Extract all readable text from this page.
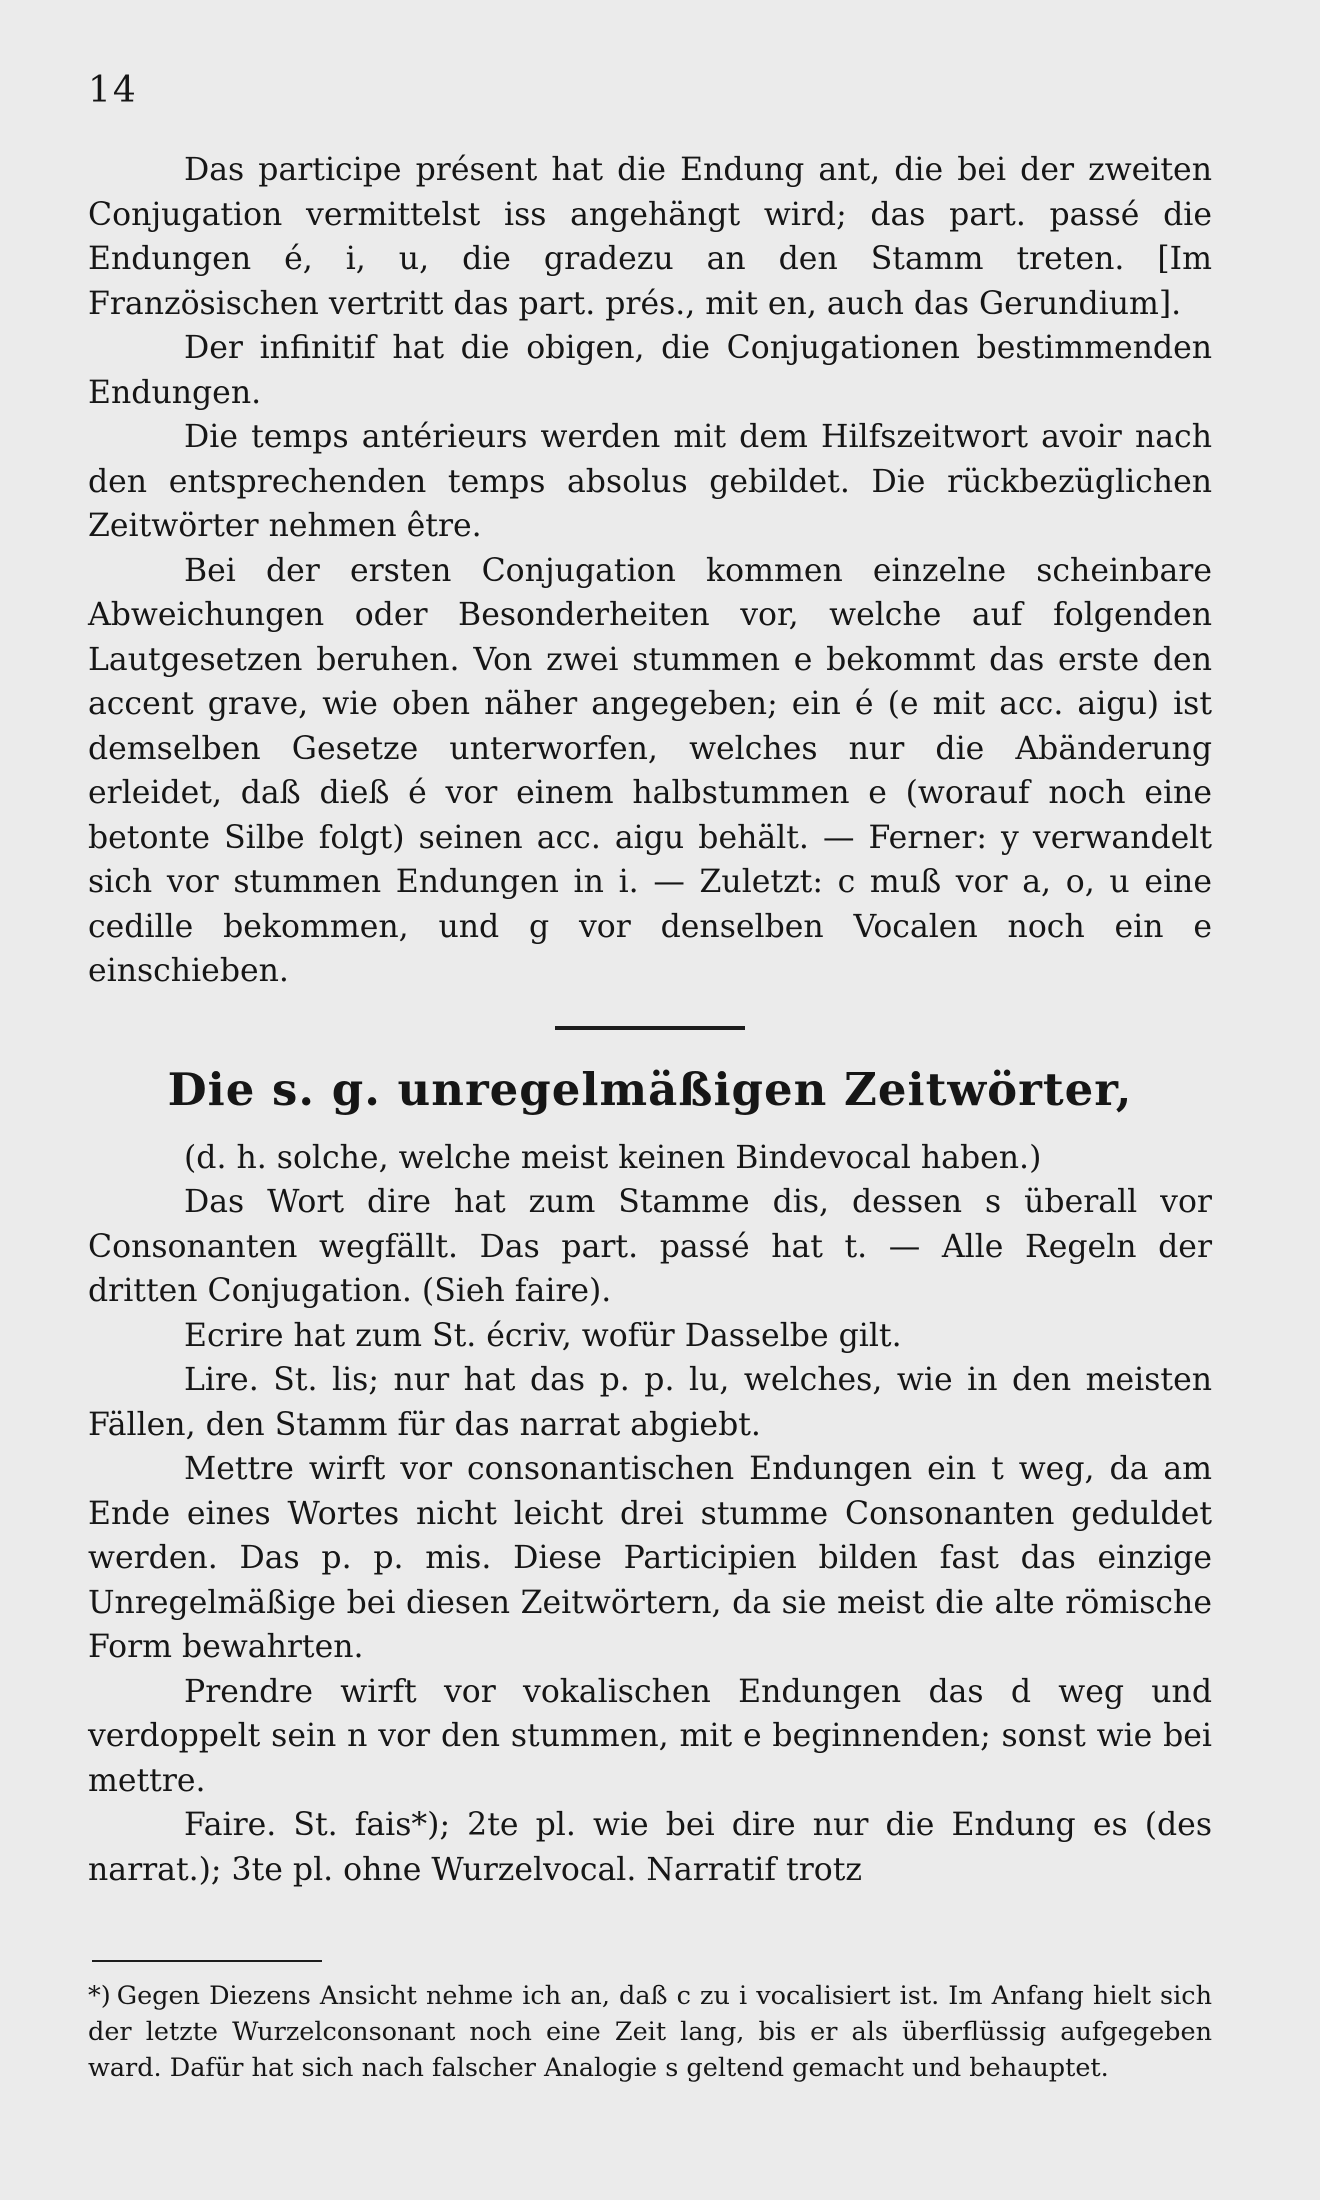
14

Das participe présent hat die Endung ant, die bei der zweiten Conjugation vermittelst iss angehängt wird; das part. passé die Endungen é, i, u, die gradezu an den Stamm treten. [Im Französischen vertritt das part. prés., mit en, auch das Gerundium].

Der infinitif hat die obigen, die Conjugationen bestimmenden Endungen.

Die temps antérieurs werden mit dem Hilfszeitwort avoir nach den entsprechenden temps absolus gebildet. Die rückbezüglichen Zeitwörter nehmen être.

Bei der ersten Conjugation kommen einzelne scheinbare Abweichungen oder Besonderheiten vor, welche auf folgenden Lautgesetzen beruhen. Von zwei stummen e bekommt das erste den accent grave, wie oben näher angegeben; ein é (e mit acc. aigu) ist demselben Gesetze unterworfen, welches nur die Abänderung erleidet, daß dieß é vor einem halbstummen e (worauf noch eine betonte Silbe folgt) seinen acc. aigu behält. — Ferner: y verwandelt sich vor stummen Endungen in i. — Zuletzt: c muß vor a, o, u eine cedille bekommen, und g vor denselben Vocalen noch ein e einschieben.

Die s. g. unregelmäßigen Zeitwörter,

(d. h. solche, welche meist keinen Bindevocal haben.)

Das Wort dire hat zum Stamme dis, dessen s überall vor Consonanten wegfällt. Das part. passé hat t. — Alle Regeln der dritten Conjugation. (Sieh faire).

Ecrire hat zum St. écriv, wofür Dasselbe gilt.

Lire. St. lis; nur hat das p. p. lu, welches, wie in den meisten Fällen, den Stamm für das narrat abgiebt.

Mettre wirft vor consonantischen Endungen ein t weg, da am Ende eines Wortes nicht leicht drei stumme Consonanten geduldet werden. Das p. p. mis. Diese Participien bilden fast das einzige Unregelmäßige bei diesen Zeitwörtern, da sie meist die alte römische Form bewahrten.

Prendre wirft vor vokalischen Endungen das d weg und verdoppelt sein n vor den stummen, mit e beginnenden; sonst wie bei mettre.

Faire. St. fais*); 2te pl. wie bei dire nur die Endung es (des narrat.); 3te pl. ohne Wurzelvocal. Narratif trotz

*) Gegen Diezens Ansicht nehme ich an, daß c zu i vocalisiert ist. Im Anfang hielt sich der letzte Wurzelconsonant noch eine Zeit lang, bis er als überflüssig aufgegeben ward. Dafür hat sich nach falscher Analogie s geltend gemacht und behauptet.
